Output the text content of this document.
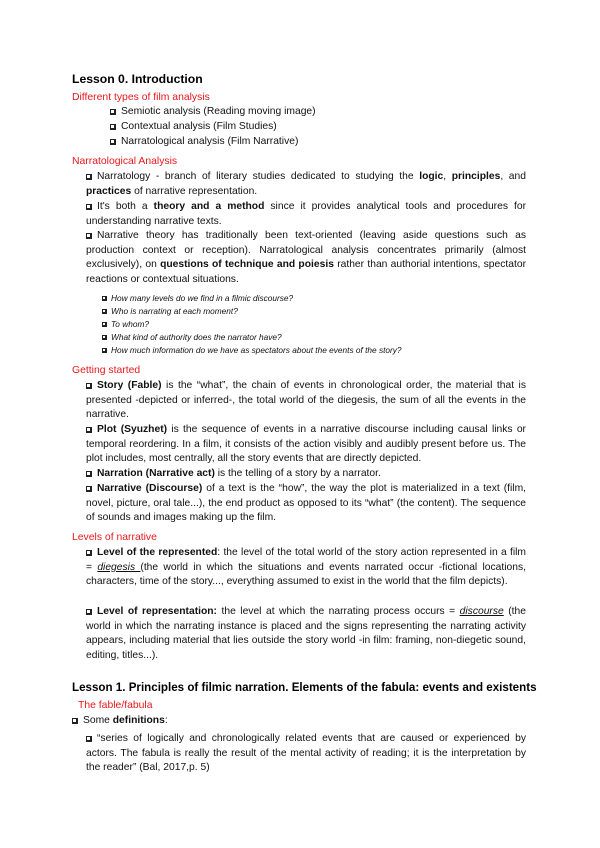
Lesson 0. Introduction
Different types of film analysis
Semiotic analysis (Reading moving image)
Contextual analysis (Film Studies)
Narratological analysis (Film Narrative)
Narratological Analysis
Narratology - branch of literary studies dedicated to studying the logic, principles, and practices of narrative representation.
It's both a theory and a method since it provides analytical tools and procedures for understanding narrative texts.
Narrative theory has traditionally been text-oriented (leaving aside questions such as production context or reception). Narratological analysis concentrates primarily (almost exclusively), on questions of technique and poiesis rather than authorial intentions, spectator reactions or contextual situations.
How many levels do we find in a filmic discourse?
Who is narrating at each moment?
To whom?
What kind of authority does the narrator have?
How much information do we have as spectators about the events of the story?
Getting started
Story (Fable) is the “what”, the chain of events in chronological order, the material that is presented -depicted or inferred-, the total world of the diegesis, the sum of all the events in the narrative.
Plot (Syuzhet) is the sequence of events in a narrative discourse including causal links or temporal reordering. In a film, it consists of the action visibly and audibly present before us. The plot includes, most centrally, all the story events that are directly depicted.
Narration (Narrative act) is the telling of a story by a narrator.
Narrative (Discourse) of a text is the “how”, the way the plot is materialized in a text (film, novel, picture, oral tale...), the end product as opposed to its “what” (the content). The sequence of sounds and images making up the film.
Levels of narrative
Level of the represented: the level of the total world of the story action represented in a film = diegesis (the world in which the situations and events narrated occur -fictional locations, characters, time of the story..., everything assumed to exist in the world that the film depicts).
Level of representation: the level at which the narrating process occurs = discourse (the world in which the narrating instance is placed and the signs representing the narrating activity appears, including material that lies outside the story world -in film: framing, non-diegetic sound, editing, titles...).
Lesson 1. Principles of filmic narration. Elements of the fabula: events and existents
The fable/fabula
Some definitions:
“series of logically and chronologically related events that are caused or experienced by actors. The fabula is really the result of the mental activity of reading; it is the interpretation by the reader” (Bal, 2017,p. 5)
